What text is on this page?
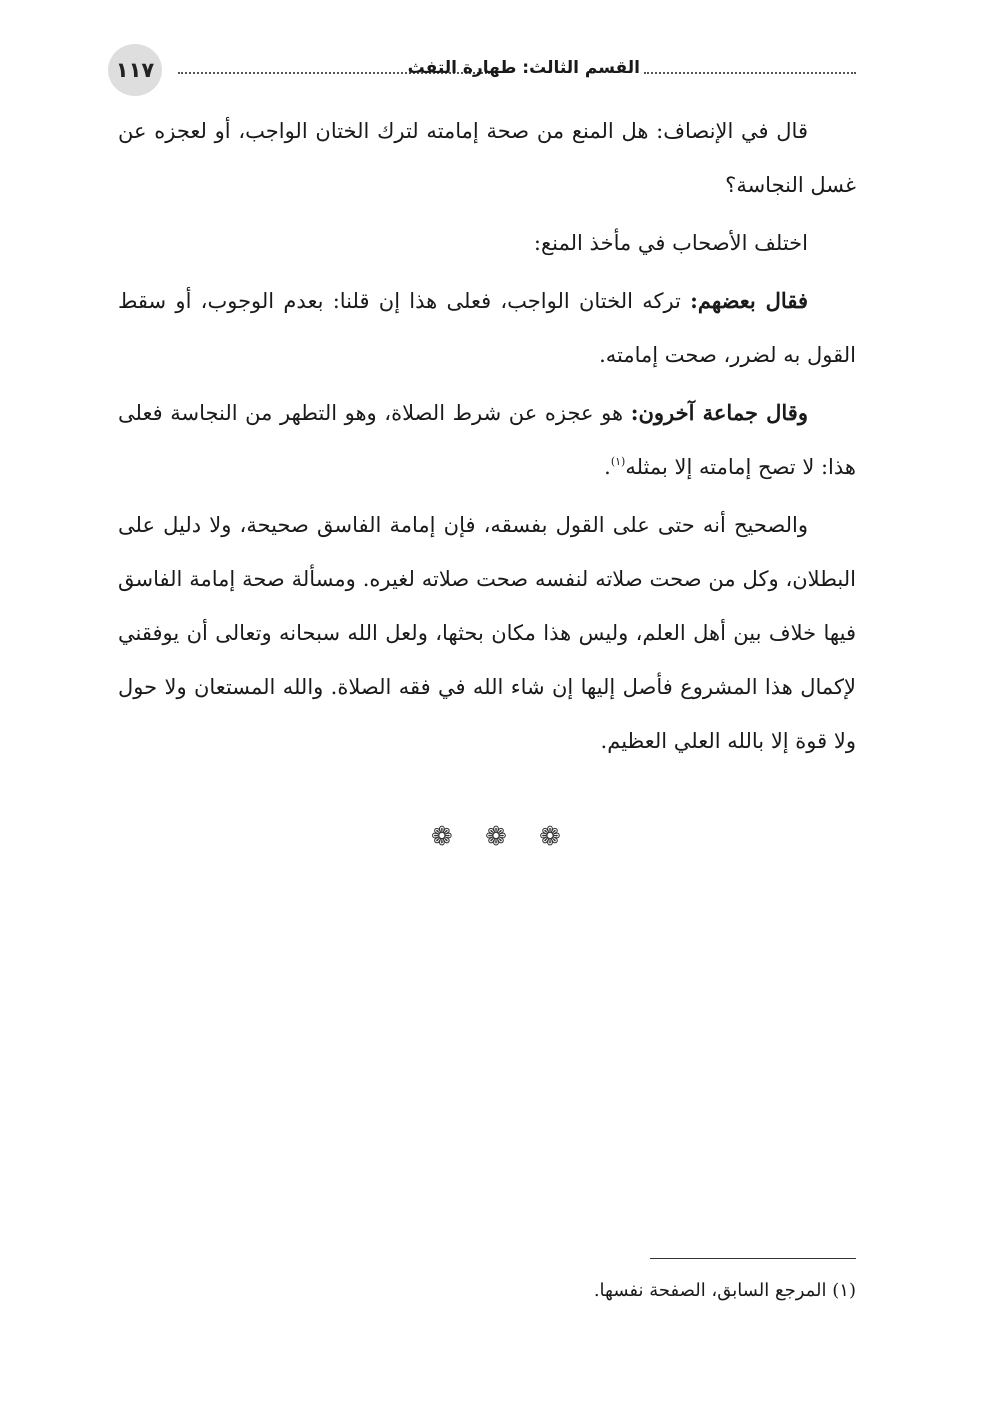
١١٧	القسم الثالث: طهارة التفث

قال في الإنصاف: هل المنع من صحة إمامته لترك الختان الواجب، أو لعجزه عن غسل النجاسة؟

اختلف الأصحاب في مأخذ المنع:

فقال بعضهم: تركه الختان الواجب، فعلى هذا إن قلنا: بعدم الوجوب، أو سقط القول به لضرر، صحت إمامته.

وقال جماعة آخرون: هو عجزه عن شرط الصلاة، وهو التطهر من النجاسة فعلى هذا: لا تصح إمامته إلا بمثله$^{(١)}$.

والصحيح أنه حتى على القول بفسقه، فإن إمامة الفاسق صحيحة، ولا دليل على البطلان، وكل من صحت صلاته لنفسه صحت صلاته لغيره. ومسألة صحة إمامة الفاسق فيها خلاف بين أهل العلم، وليس هذا مكان بحثها، ولعل الله سبحانه وتعالى أن يوفقني لإكمال هذا المشروع فأصل إليها إن شاء الله في فقه الصلاة. والله المستعان ولا حول ولا قوة إلا بالله العلي العظيم.

❁ ❁ ❁
(١) المرجع السابق، الصفحة نفسها.
